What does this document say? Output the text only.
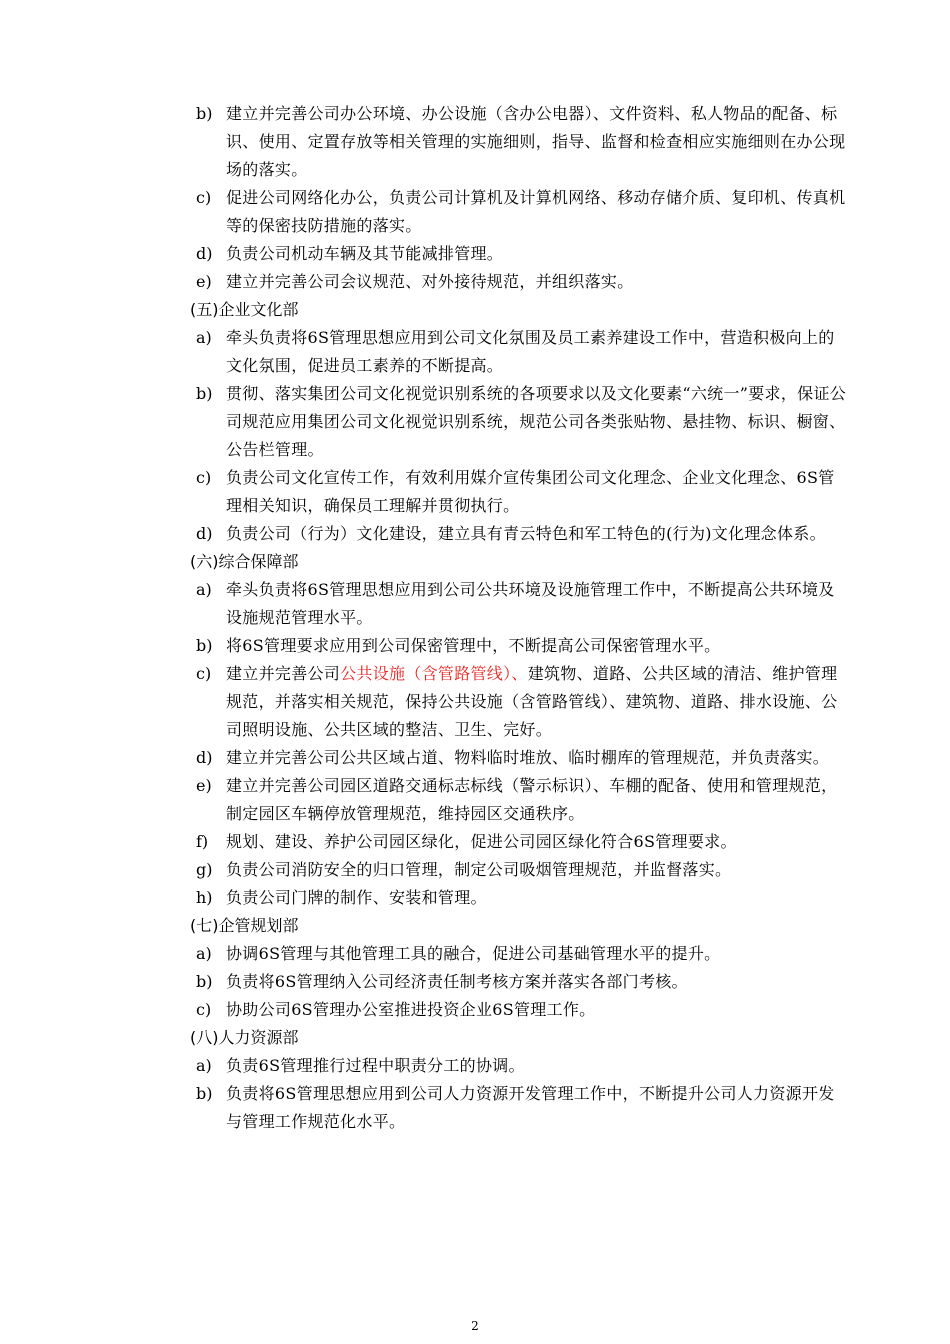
b) 建立并完善公司办公环境、办公设施（含办公电器）、文件资料、私人物品的配备、标识、使用、定置存放等相关管理的实施细则，指导、监督和检查相应实施细则在办公现场的落实。
c) 促进公司网络化办公，负责公司计算机及计算机网络、移动存储介质、复印机、传真机等的保密技防措施的落实。
d) 负责公司机动车辆及其节能减排管理。
e) 建立并完善公司会议规范、对外接待规范，并组织落实。
(五)企业文化部
a) 牵头负责将6S管理思想应用到公司文化氛围及员工素养建设工作中，营造积极向上的文化氛围，促进员工素养的不断提高。
b) 贯彻、落实集团公司文化视觉识别系统的各项要求以及文化要素“六统一”要求，保证公司规范应用集团公司文化视觉识别系统，规范公司各类张贴物、悬挂物、标识、橱窗、公告栏管理。
c) 负责公司文化宣传工作，有效利用媒介宣传集团公司文化理念、企业文化理念、6S管理相关知识，确保员工理解并贯彻执行。
d) 负责公司（行为）文化建设，建立具有青云特色和军工特色的(行为)文化理念体系。
(六)综合保障部
a) 牵头负责将6S管理思想应用到公司公共环境及设施管理工作中，不断提高公共环境及设施规范管理水平。
b) 将6S管理要求应用到公司保密管理中，不断提高公司保密管理水平。
c) 建立并完善公司公共设施（含管路管线）、建筑物、道路、公共区域的清洁、维护管理规范，并落实相关规范，保持公共设施（含管路管线）、建筑物、道路、排水设施、公司照明设施、公共区域的整洁、卫生、完好。
d) 建立并完善公司公共区域占道、物料临时堆放、临时棚库的管理规范，并负责落实。
e) 建立并完善公司园区道路交通标志标线（警示标识）、车棚的配备、使用和管理规范，制定园区车辆停放管理规范，维持园区交通秩序。
f)	规划、建设、养护公司园区绿化，促进公司园区绿化符合6S管理要求。
g) 负责公司消防安全的归口管理，制定公司吸烟管理规范，并监督落实。
h) 负责公司门牌的制作、安装和管理。
(七)企管规划部
a) 协调6S管理与其他管理工具的融合，促进公司基础管理水平的提升。
b) 负责将6S管理纳入公司经济责任制考核方案并落实各部门考核。
c) 协助公司6S管理办公室推进投资企业6S管理工作。
(八)人力资源部
a) 负责6S管理推行过程中职责分工的协调。
b) 负责将6S管理思想应用到公司人力资源开发管理工作中，不断提升公司人力资源开发与管理工作规范化水平。
2
